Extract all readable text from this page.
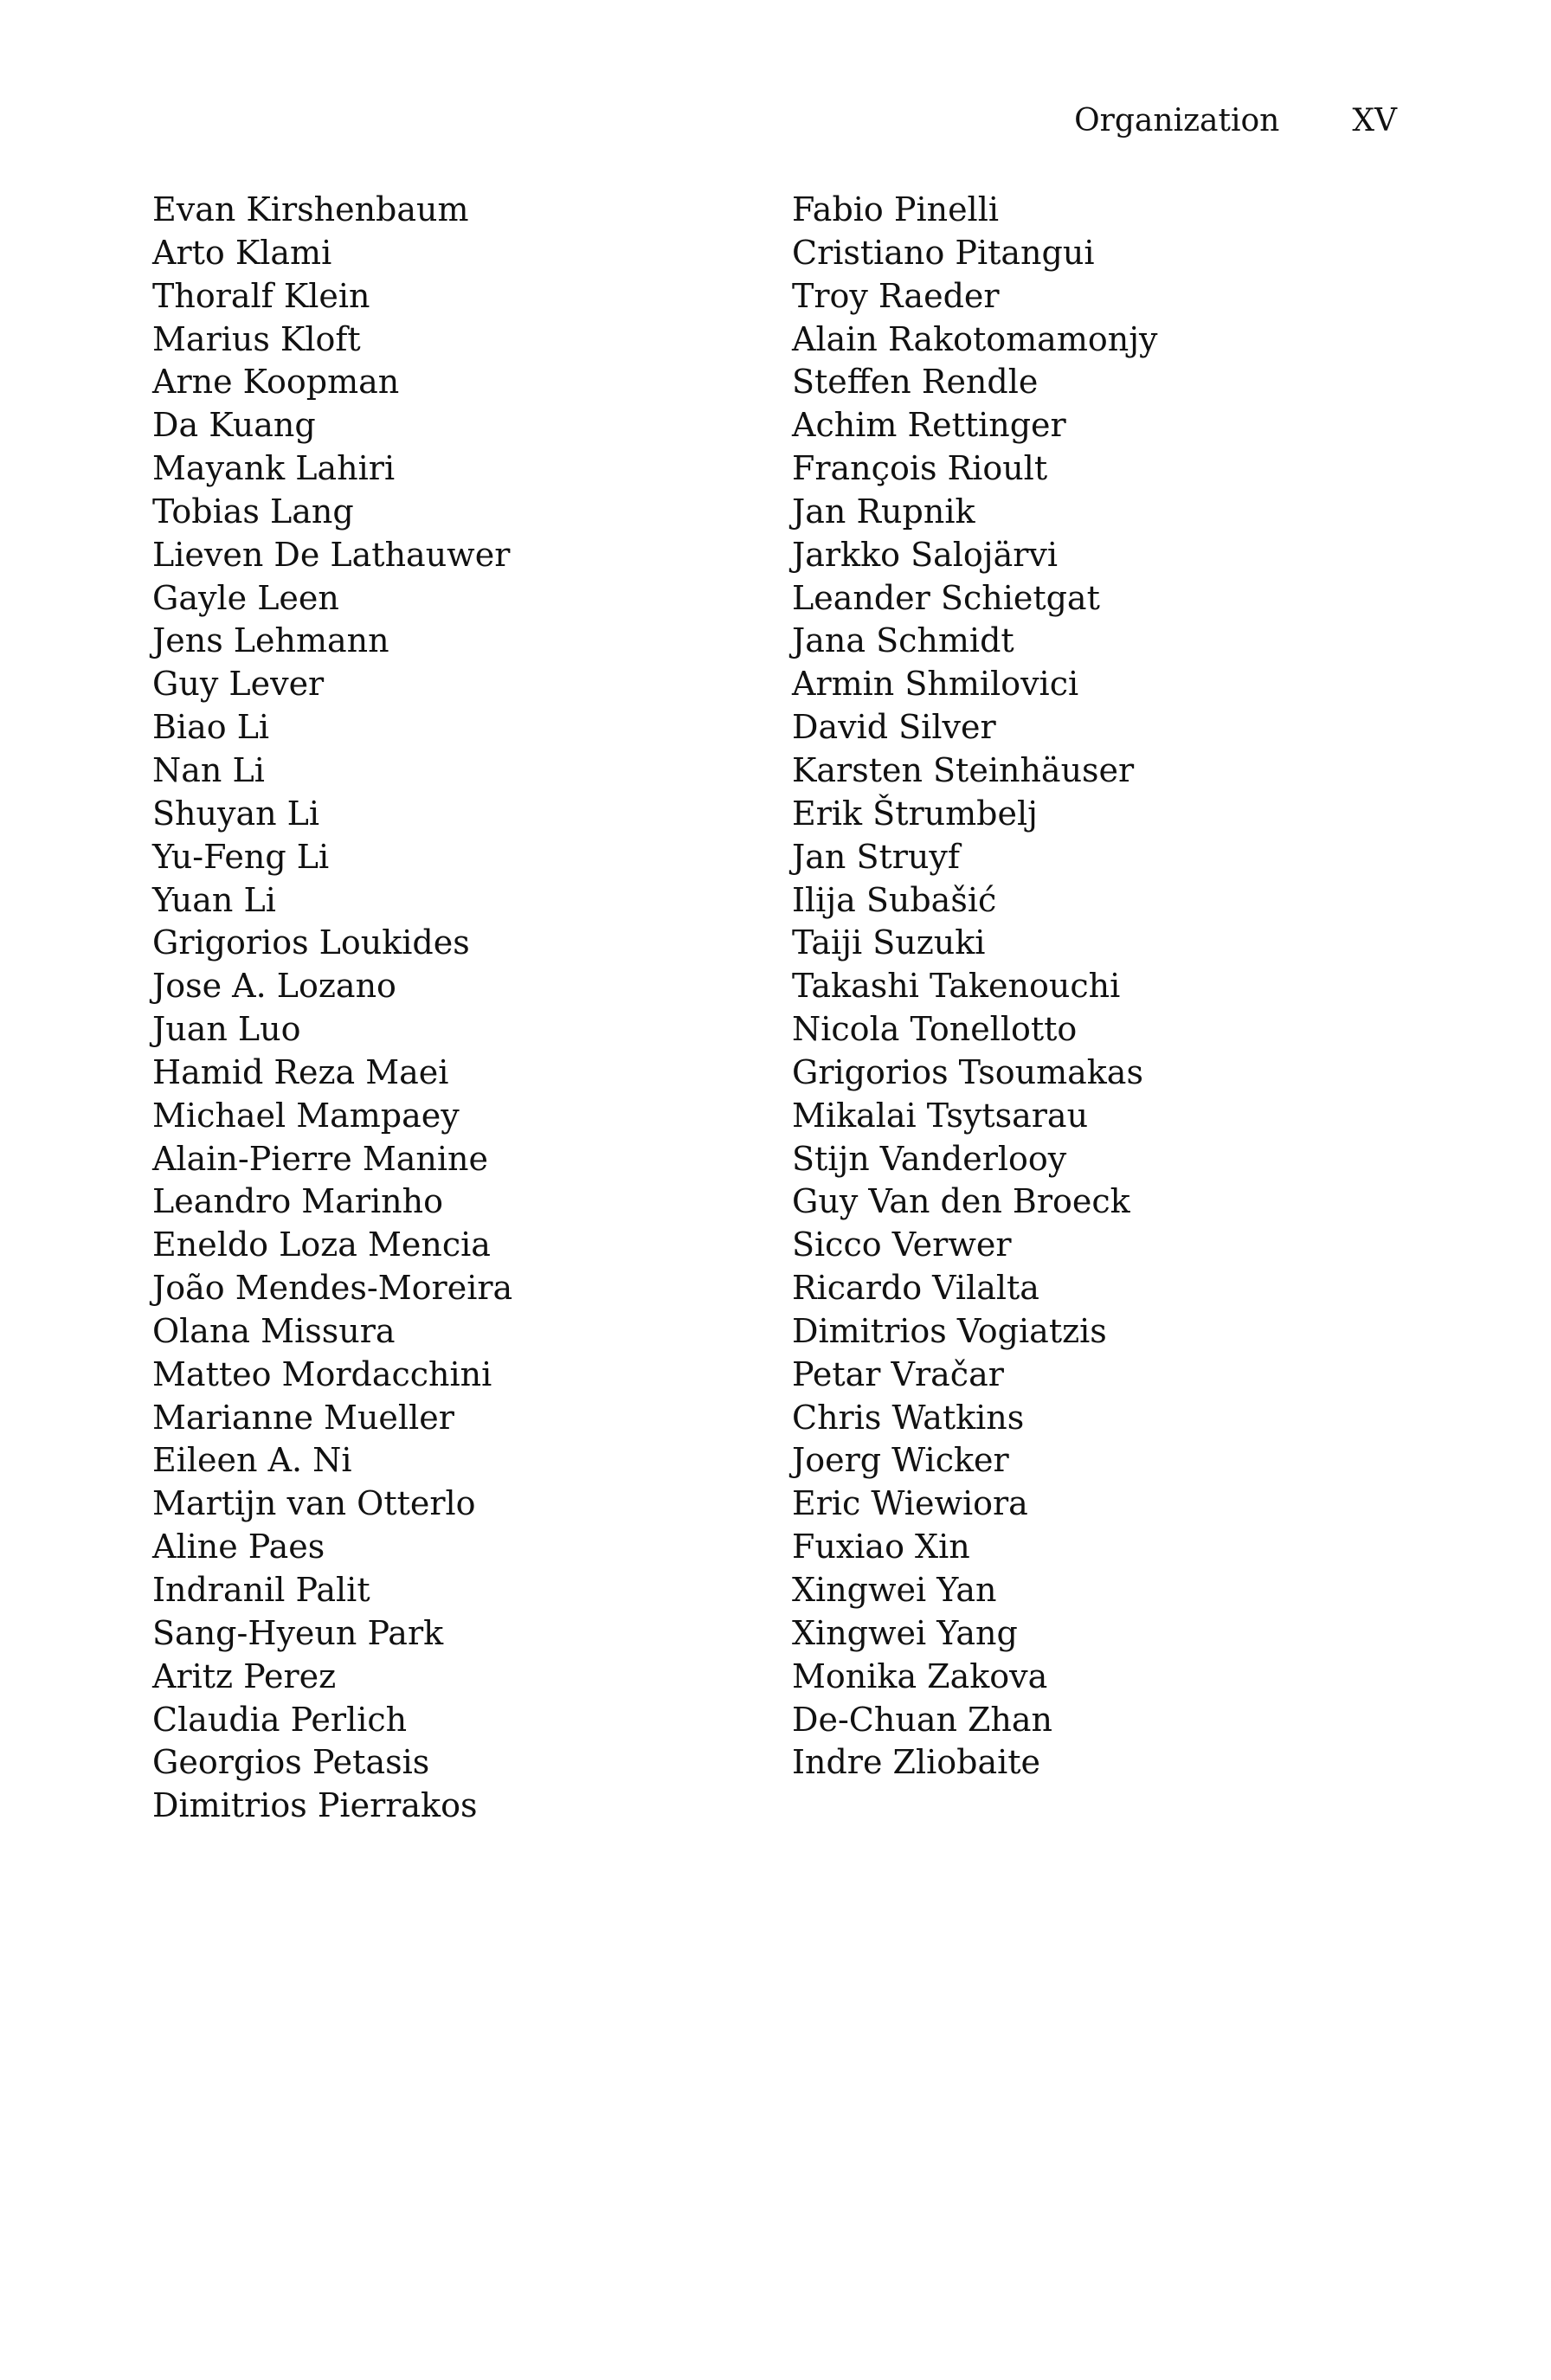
Organization XV
Evan Kirshenbaum
Arto Klami
Thoralf Klein
Marius Kloft
Arne Koopman
Da Kuang
Mayank Lahiri
Tobias Lang
Lieven De Lathauwer
Gayle Leen
Jens Lehmann
Guy Lever
Biao Li
Nan Li
Shuyan Li
Yu-Feng Li
Yuan Li
Grigorios Loukides
Jose A. Lozano
Juan Luo
Hamid Reza Maei
Michael Mampaey
Alain-Pierre Manine
Leandro Marinho
Eneldo Loza Mencia
João Mendes-Moreira
Olana Missura
Matteo Mordacchini
Marianne Mueller
Eileen A. Ni
Martijn van Otterlo
Aline Paes
Indranil Palit
Sang-Hyeun Park
Aritz Perez
Claudia Perlich
Georgios Petasis
Dimitrios Pierrakos
Fabio Pinelli
Cristiano Pitangui
Troy Raeder
Alain Rakotomamonjy
Steffen Rendle
Achim Rettinger
François Rioult
Jan Rupnik
Jarkko Salojärvi
Leander Schietgat
Jana Schmidt
Armin Shmilovici
David Silver
Karsten Steinhäuser
Erik Štrumbelj
Jan Struyf
Ilija Subašić
Taiji Suzuki
Takashi Takenouchi
Nicola Tonellotto
Grigorios Tsoumakas
Mikalai Tsytsarau
Stijn Vanderlooy
Guy Van den Broeck
Sicco Verwer
Ricardo Vilalta
Dimitrios Vogiatzis
Petar Vračar
Chris Watkins
Joerg Wicker
Eric Wiewiora
Fuxiao Xin
Xingwei Yan
Xingwei Yang
Monika Zakova
De-Chuan Zhan
Indre Zliobaite
